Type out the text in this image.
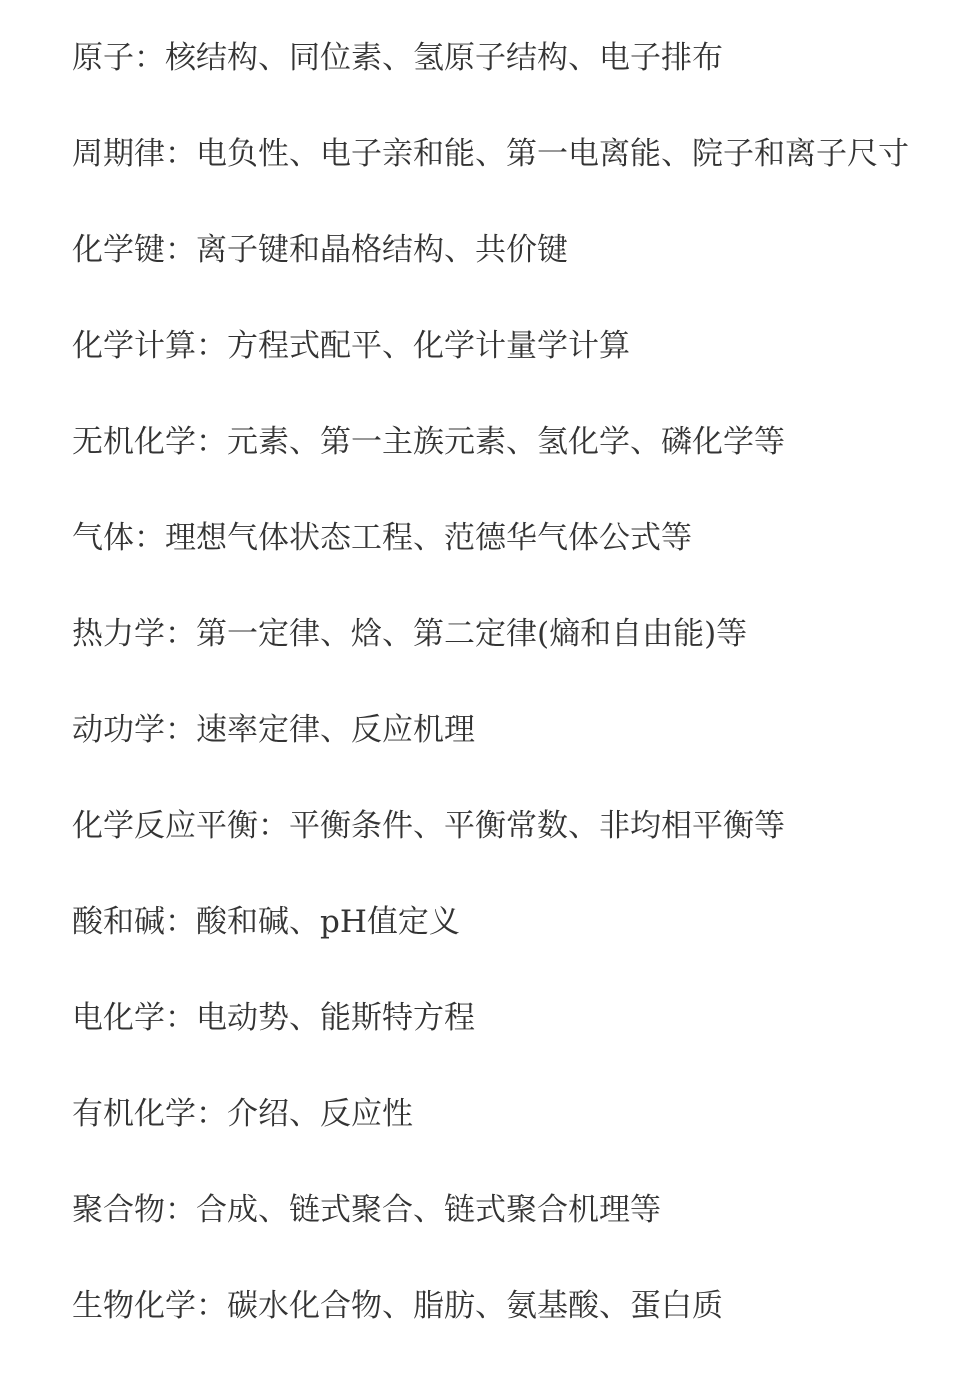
原子：核结构、同位素、氢原子结构、电子排布

周期律：电负性、电子亲和能、第一电离能、院子和离子尺寸

化学键：离子键和晶格结构、共价键

化学计算：方程式配平、化学计量学计算

无机化学：元素、第一主族元素、氢化学、磷化学等

气体：理想气体状态工程、范德华气体公式等

热力学：第一定律、焓、第二定律(熵和自由能)等

动功学：速率定律、反应机理

化学反应平衡：平衡条件、平衡常数、非均相平衡等

酸和碱：酸和碱、pH值定义

电化学：电动势、能斯特方程

有机化学：介绍、反应性

聚合物：合成、链式聚合、链式聚合机理等

生物化学：碳水化合物、脂肪、氨基酸、蛋白质
